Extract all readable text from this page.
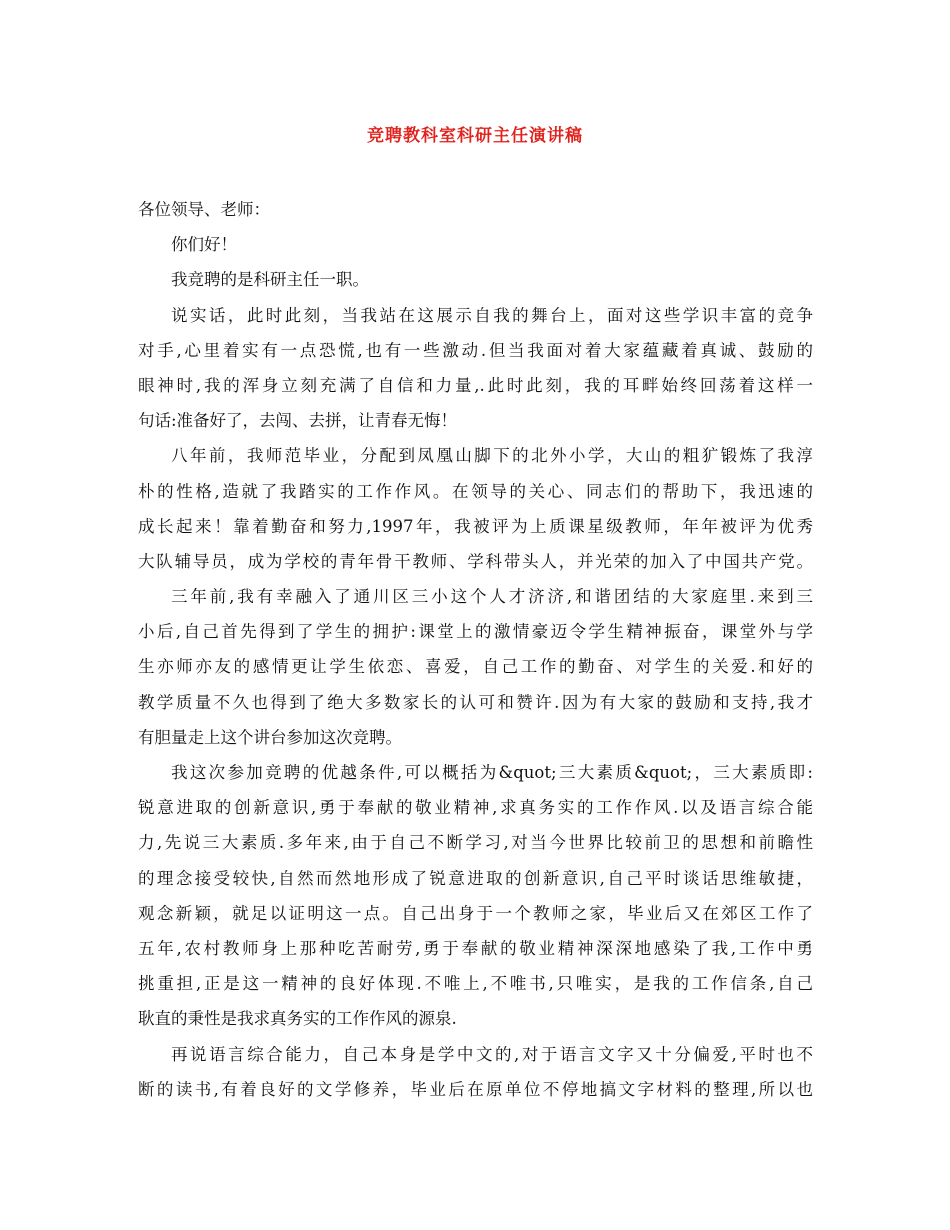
竞聘教科室科研主任演讲稿
各位领导、老师：
你们好！
我竞聘的是科研主任一职。
说实话，此时此刻，当我站在这展示自我的舞台上，面对这些学识丰富的竞争
对手,心里着实有一点恐慌,也有一些激动.但当我面对着大家蕴藏着真诚、鼓励的
眼神时,我的浑身立刻充满了自信和力量,.此时此刻，我的耳畔始终回荡着这样一
句话:准备好了，去闯、去拼，让青春无悔！
八年前，我师范毕业，分配到凤凰山脚下的北外小学，大山的粗犷锻炼了我淳
朴的性格,造就了我踏实的工作作风。在领导的关心、同志们的帮助下，我迅速的
成长起来！靠着勤奋和努力,1997年，我被评为上质课星级教师，年年被评为优秀
大队辅导员，成为学校的青年骨干教师、学科带头人，并光荣的加入了中国共产党。
三年前,我有幸融入了通川区三小这个人才济济,和谐团结的大家庭里.来到三
小后,自己首先得到了学生的拥护:课堂上的激情豪迈令学生精神振奋，课堂外与学
生亦师亦友的感情更让学生依恋、喜爱，自己工作的勤奋、对学生的关爱.和好的
教学质量不久也得到了绝大多数家长的认可和赞许.因为有大家的鼓励和支持,我才
有胆量走上这个讲台参加这次竞聘。
我这次参加竞聘的优越条件,可以概括为&quot;三大素质&quot;，三大素质即:
锐意进取的创新意识,勇于奉献的敬业精神,求真务实的工作作风.以及语言综合能
力,先说三大素质.多年来,由于自己不断学习,对当今世界比较前卫的思想和前瞻性
的理念接受较快,自然而然地形成了锐意进取的创新意识,自己平时谈话思维敏捷，
观念新颖，就足以证明这一点。自己出身于一个教师之家，毕业后又在郊区工作了
五年,农村教师身上那种吃苦耐劳,勇于奉献的敬业精神深深地感染了我,工作中勇
挑重担,正是这一精神的良好体现.不唯上,不唯书,只唯实，是我的工作信条,自己
耿直的秉性是我求真务实的工作作风的源泉.
再说语言综合能力，自己本身是学中文的,对于语言文字又十分偏爱,平时也不
断的读书,有着良好的文学修养，毕业后在原单位不停地搞文字材料的整理,所以也
